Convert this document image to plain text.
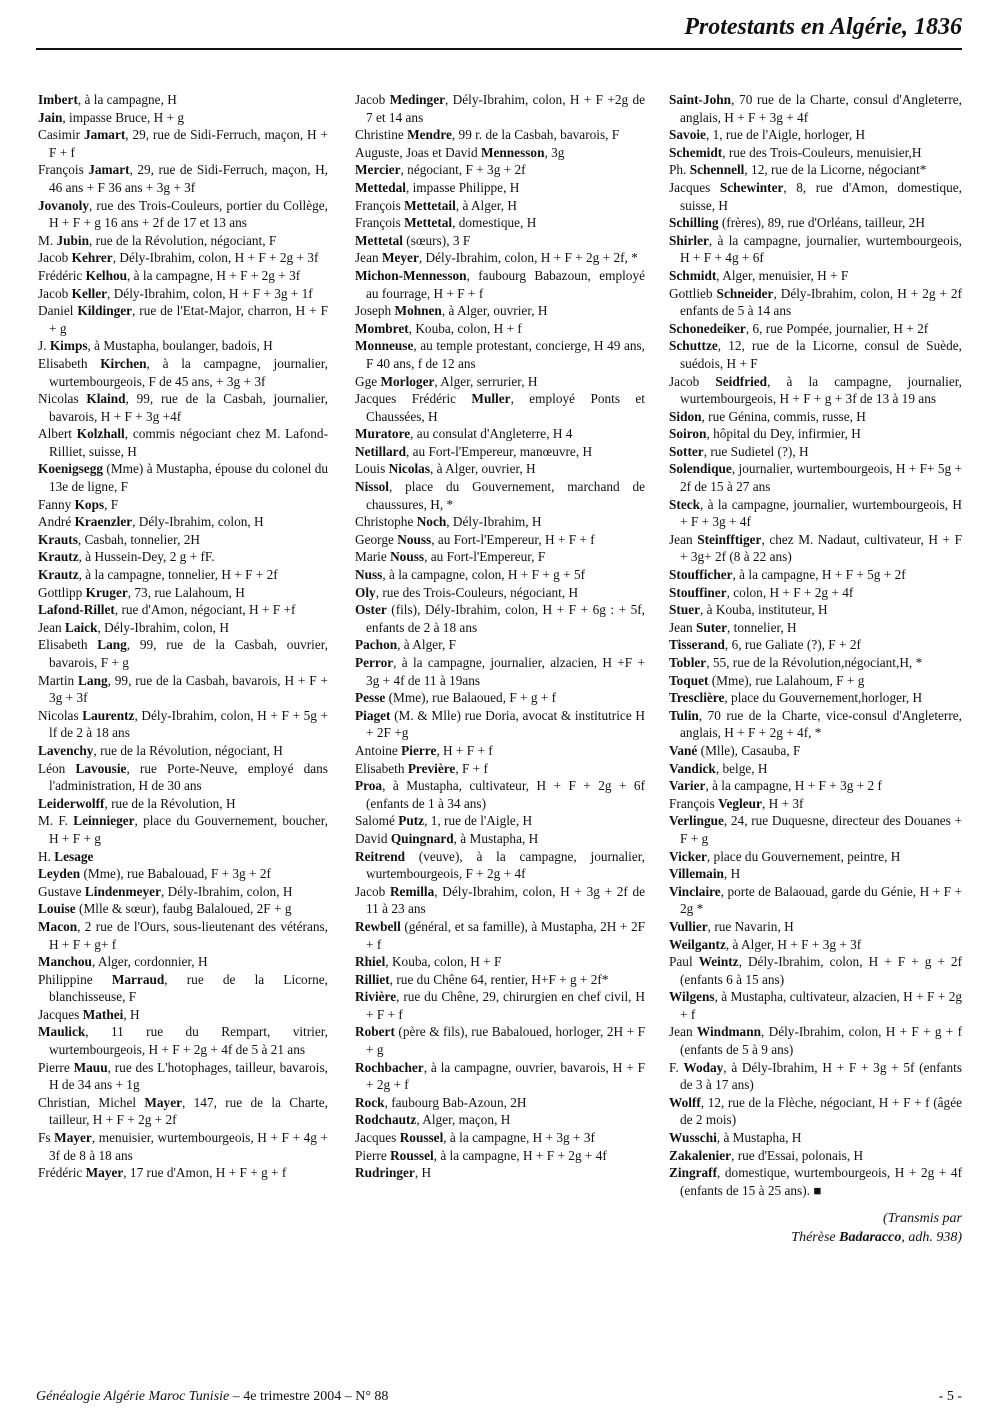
Protestants en Algérie, 1836

Imbert, à la campagne, H

Jain, impasse Bruce, H + g

Casimir Jamart, 29, rue de Sidi-Ferruch, maçon, H + F + f

François Jamart, 29, rue de Sidi-Ferruch, maçon, H, 46 ans + F 36 ans + 3g + 3f

Jovanoly, rue des Trois-Couleurs, portier du Collège, H + F + g 16 ans + 2f de 17 et 13 ans

M. Jubin, rue de la Révolution, négociant, F

Jacob Kehrer, Dély-Ibrahim, colon, H + F + 2g + 3f

Frédéric Kelhou, à la campagne, H + F + 2g + 3f

Jacob Keller, Dély-Ibrahim, colon, H + F + 3g + 1f

Daniel Kildinger, rue de l'Etat-Major, charron, H + F + g

J. Kimps, à Mustapha, boulanger, badois, H

Elisabeth Kirchen, à la campagne, journalier, wurtembourgeois, F de 45 ans, + 3g + 3f

Nicolas Klaind, 99, rue de la Casbah, journalier, bavarois, H + F + 3g +4f

Albert Kolzhall, commis négociant chez M. Lafond-Rilliet, suisse, H

Koenigsegg (Mme) à Mustapha, épouse du colonel du 13e de ligne, F

Fanny Kops, F

André Kraenzler, Dély-Ibrahim, colon, H

Krauts, Casbah, tonnelier, 2H

Krautz, à Hussein-Dey, 2 g + fF.

Krautz, à la campagne, tonnelier, H + F + 2f

Gottlipp Kruger, 73, rue Lalahoum, H

Lafond-Rillet, rue d'Amon, négociant, H + F +f

Jean Laick, Dély-Ibrahim, colon, H

Elisabeth Lang, 99, rue de la Casbah, ouvrier, bavarois, F + g

Martin Lang, 99, rue de la Casbah, bavarois, H + F + 3g + 3f

Nicolas Laurentz, Dély-Ibrahim, colon, H + F + 5g + lf de 2 à 18 ans

Lavenchy, rue de la Révolution, négociant, H

Léon Lavousie, rue Porte-Neuve, employé dans l'administration, H de 30 ans

Leiderwolff, rue de la Révolution, H

M. F. Leinnieger, place du Gouvernement, boucher, H + F + g

H. Lesage

Leyden (Mme), rue Babalouad, F + 3g + 2f

Gustave Lindenmeyer, Dély-Ibrahim, colon, H

Louise (Mlle & sœur), faubg Balaloued, 2F + g

Macon, 2 rue de l'Ours, sous-lieutenant des vétérans, H + F + g+ f

Manchou, Alger, cordonnier, H

Philippine Marraud, rue de la Licorne, blanchisseuse, F

Jacques Mathei, H

Maulick, 11 rue du Rempart, vitrier, wurtembourgeois, H + F + 2g + 4f de 5 à 21 ans

Pierre Mauu, rue des L'hotophages, tailleur, bavarois, H de 34 ans + 1g

Christian, Michel Mayer, 147, rue de la Charte, tailleur, H + F + 2g + 2f

Fs Mayer, menuisier, wurtembourgeois, H + F + 4g + 3f de 8 à 18 ans

Frédéric Mayer, 17 rue d'Amon, H + F + g + f

Jacob Medinger, Dély-Ibrahim, colon, H + F +2g de 7 et 14 ans

Christine Mendre, 99 r. de la Casbah, bavarois, F

Auguste, Joas et David Mennesson, 3g

Mercier, négociant, F + 3g + 2f

Mettedal, impasse Philippe, H

François Mettetail, à Alger, H

François Mettetal, domestique, H

Mettetal (sœurs), 3 F

Jean Meyer, Dély-Ibrahim, colon, H + F + 2g + 2f, *

Michon-Mennesson, faubourg Babazoun, employé au fourrage, H + F + f

Joseph Mohnen, à Alger, ouvrier, H

Mombret, Kouba, colon, H + f

Monneuse, au temple protestant, concierge, H 49 ans, F 40 ans, f de 12 ans

Gge Morloger, Alger, serrurier, H

Jacques Frédéric Muller, employé Ponts et Chaussées, H

Muratore, au consulat d'Angleterre, H 4

Netillard, au Fort-l'Empereur, manœuvre, H

Louis Nicolas, à Alger, ouvrier, H

Nissol, place du Gouvernement, marchand de chaussures, H, *

Christophe Noch, Dély-Ibrahim, H

George Nouss, au Fort-l'Empereur, H + F + f

Marie Nouss, au Fort-l'Empereur, F

Nuss, à la campagne, colon, H + F + g + 5f

Oly, rue des Trois-Couleurs, négociant, H

Oster (fils), Dély-Ibrahim, colon, H + F + 6g : + 5f, enfants de 2 à 18 ans

Pachon, à Alger, F

Perror, à la campagne, journalier, alzacien, H +F + 3g + 4f de 11 à 19ans

Pesse (Mme), rue Balaoued, F + g + f

Piaget (M. & Mlle) rue Doria, avocat & institutrice H + 2F +g

Antoine Pierre, H + F + f

Elisabeth Previère, F + f

Proa, à Mustapha, cultivateur, H + F + 2g + 6f (enfants de 1 à 34 ans)

Salomé Putz, 1, rue de l'Aigle, H

David Quingnard, à Mustapha, H

Reitrend (veuve), à la campagne, journalier, wurtembourgeois, F + 2g + 4f

Jacob Remilla, Dély-Ibrahim, colon, H + 3g + 2f de 11 à 23 ans

Rewbell (général, et sa famille), à Mustapha, 2H + 2F + f

Rhiel, Kouba, colon, H + F

Rilliet, rue du Chêne 64, rentier, H+F + g + 2f*

Rivière, rue du Chêne, 29, chirurgien en chef civil, H + F + f

Robert (père & fils), rue Babaloued, horloger, 2H + F + g

Rochbacher, à la campagne, ouvrier, bavarois, H + F + 2g + f

Rock, faubourg Bab-Azoun, 2H

Rodchautz, Alger, maçon, H

Jacques Roussel, à la campagne, H + 3g + 3f

Pierre Roussel, à la campagne, H + F + 2g + 4f

Rudringer, H

Saint-John, 70 rue de la Charte, consul d'Angleterre, anglais, H + F + 3g + 4f

Savoie, 1, rue de l'Aigle, horloger, H

Schemidt, rue des Trois-Couleurs, menuisier,H

Ph. Schennell, 12, rue de la Licorne, négociant*

Jacques Schewinter, 8, rue d'Amon, domestique, suisse, H

Schilling (frères), 89, rue d'Orléans, tailleur, 2H

Shirler, à la campagne, journalier, wurtembourgeois, H + F + 4g + 6f

Schmidt, Alger, menuisier, H + F

Gottlieb Schneider, Dély-Ibrahim, colon, H + 2g + 2f enfants de 5 à 14 ans

Schonedeiker, 6, rue Pompée, journalier, H + 2f

Schuttze, 12, rue de la Licorne, consul de Suède, suédois, H + F

Jacob Seidfried, à la campagne, journalier, wurtembourgeois, H + F + g + 3f de 13 à 19 ans

Sidon, rue Génina, commis, russe, H

Soiron, hôpital du Dey, infirmier, H

Sotter, rue Sudietel (?), H

Solendique, journalier, wurtembourgeois, H + F+ 5g + 2f de 15 à 27 ans

Steck, à la campagne, journalier, wurtembourgeois, H + F + 3g + 4f

Jean Steinfftiger, chez M. Nadaut, cultivateur, H + F + 3g+ 2f (8 à 22 ans)

Stoufficher, à la campagne, H + F + 5g + 2f

Stouffiner, colon, H + F + 2g + 4f

Stuer, à Kouba, instituteur, H

Jean Suter, tonnelier, H

Tisserand, 6, rue Galiate (?), F + 2f

Tobler, 55, rue de la Révolution,négociant,H, *

Toquet (Mme), rue Lalahoum, F + g

Tresclière, place du Gouvernement,horloger, H

Tulin, 70 rue de la Charte, vice-consul d'Angleterre, anglais, H + F + 2g + 4f, *

Vané (Mlle), Casauba, F

Vandick, belge, H

Varier, à la campagne, H + F + 3g + 2 f

François Vegleur, H + 3f

Verlingue, 24, rue Duquesne, directeur des Douanes + F + g

Vicker, place du Gouvernement, peintre, H

Villemain, H

Vinclaire, porte de Balaouad, garde du Génie, H + F + 2g *

Vullier, rue Navarin, H

Weilgantz, à Alger, H + F + 3g + 3f

Paul Weintz, Dély-Ibrahim, colon, H + F + g + 2f (enfants 6 à 15 ans)

Wilgens, à Mustapha, cultivateur, alzacien, H + F + 2g + f

Jean Windmann, Dély-Ibrahim, colon, H + F + g + f (enfants de 5 à 9 ans)

F. Woday, à Dély-Ibrahim, H + F + 3g + 5f (enfants de 3 à 17 ans)

Wolff, 12, rue de la Flèche, négociant, H + F + f (âgée de 2 mois)

Wusschi, à Mustapha, H

Zakalenier, rue d'Essai, polonais, H

Zingraff, domestique, wurtembourgeois, H + 2g + 4f (enfants de 15 à 25 ans). ■

(Transmis par
Thérèse Badaracco, adh. 938)
Généalogie Algérie Maroc Tunisie – 4e trimestre 2004 – N° 88	- 5 -
